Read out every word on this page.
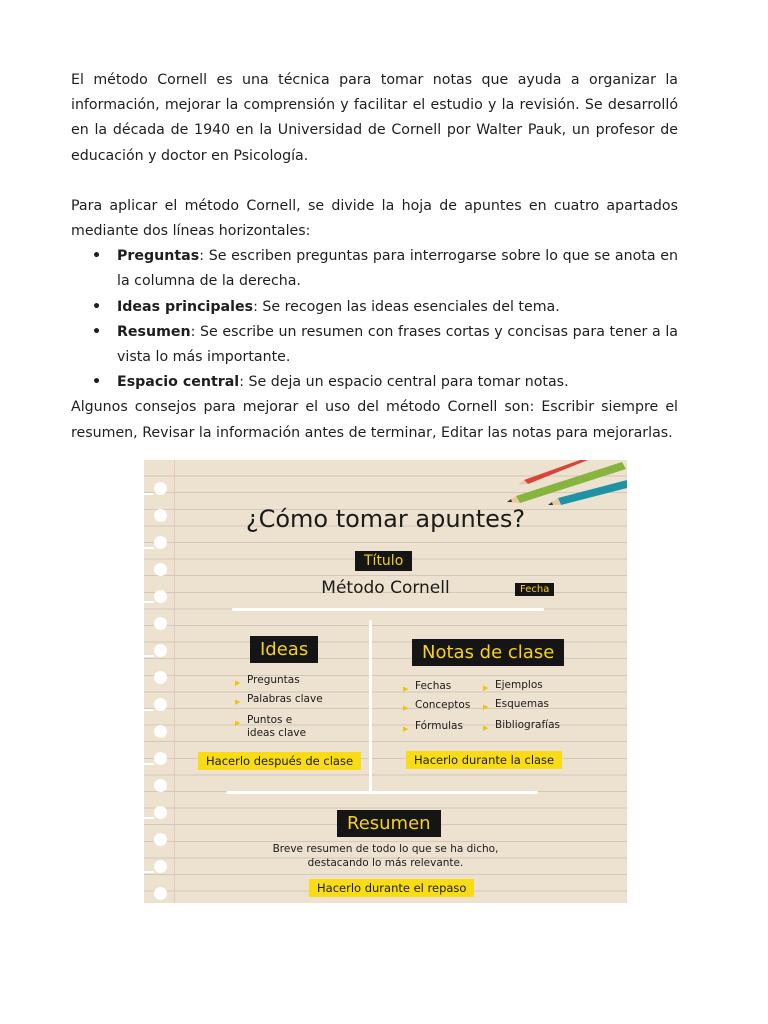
El método Cornell es una técnica para tomar notas que ayuda a organizar la información, mejorar la comprensión y facilitar el estudio y la revisión. Se desarrolló en la década de 1940 en la Universidad de Cornell por Walter Pauk, un profesor de educación y doctor en Psicología.

Para aplicar el método Cornell, se divide la hoja de apuntes en cuatro apartados mediante dos líneas horizontales:

• Preguntas: Se escriben preguntas para interrogarse sobre lo que se anota en la columna de la derecha.
• Ideas principales: Se recogen las ideas esenciales del tema.
• Resumen: Se escribe un resumen con frases cortas y concisas para tener a la vista lo más importante.
• Espacio central: Se deja un espacio central para tomar notas.

Algunos consejos para mejorar el uso del método Cornell son: Escribir siempre el resumen, Revisar la información antes de terminar, Editar las notas para mejorarlas.

¿Cómo tomar apuntes?
Título
Método Cornell	Fecha
Ideas
▶ Preguntas
▶ Palabras clave
▶ Puntos e
ideas clave
Hacerlo después de clase
Notas de clase
▶ Fechas
▶ Conceptos
▶ Fórmulas
▶ Ejemplos
▶ Esquemas
▶ Bibliografías
Hacerlo durante la clase
Resumen
Breve resumen de todo lo que se ha dicho,
destacando lo más relevante.
Hacerlo durante el repaso
